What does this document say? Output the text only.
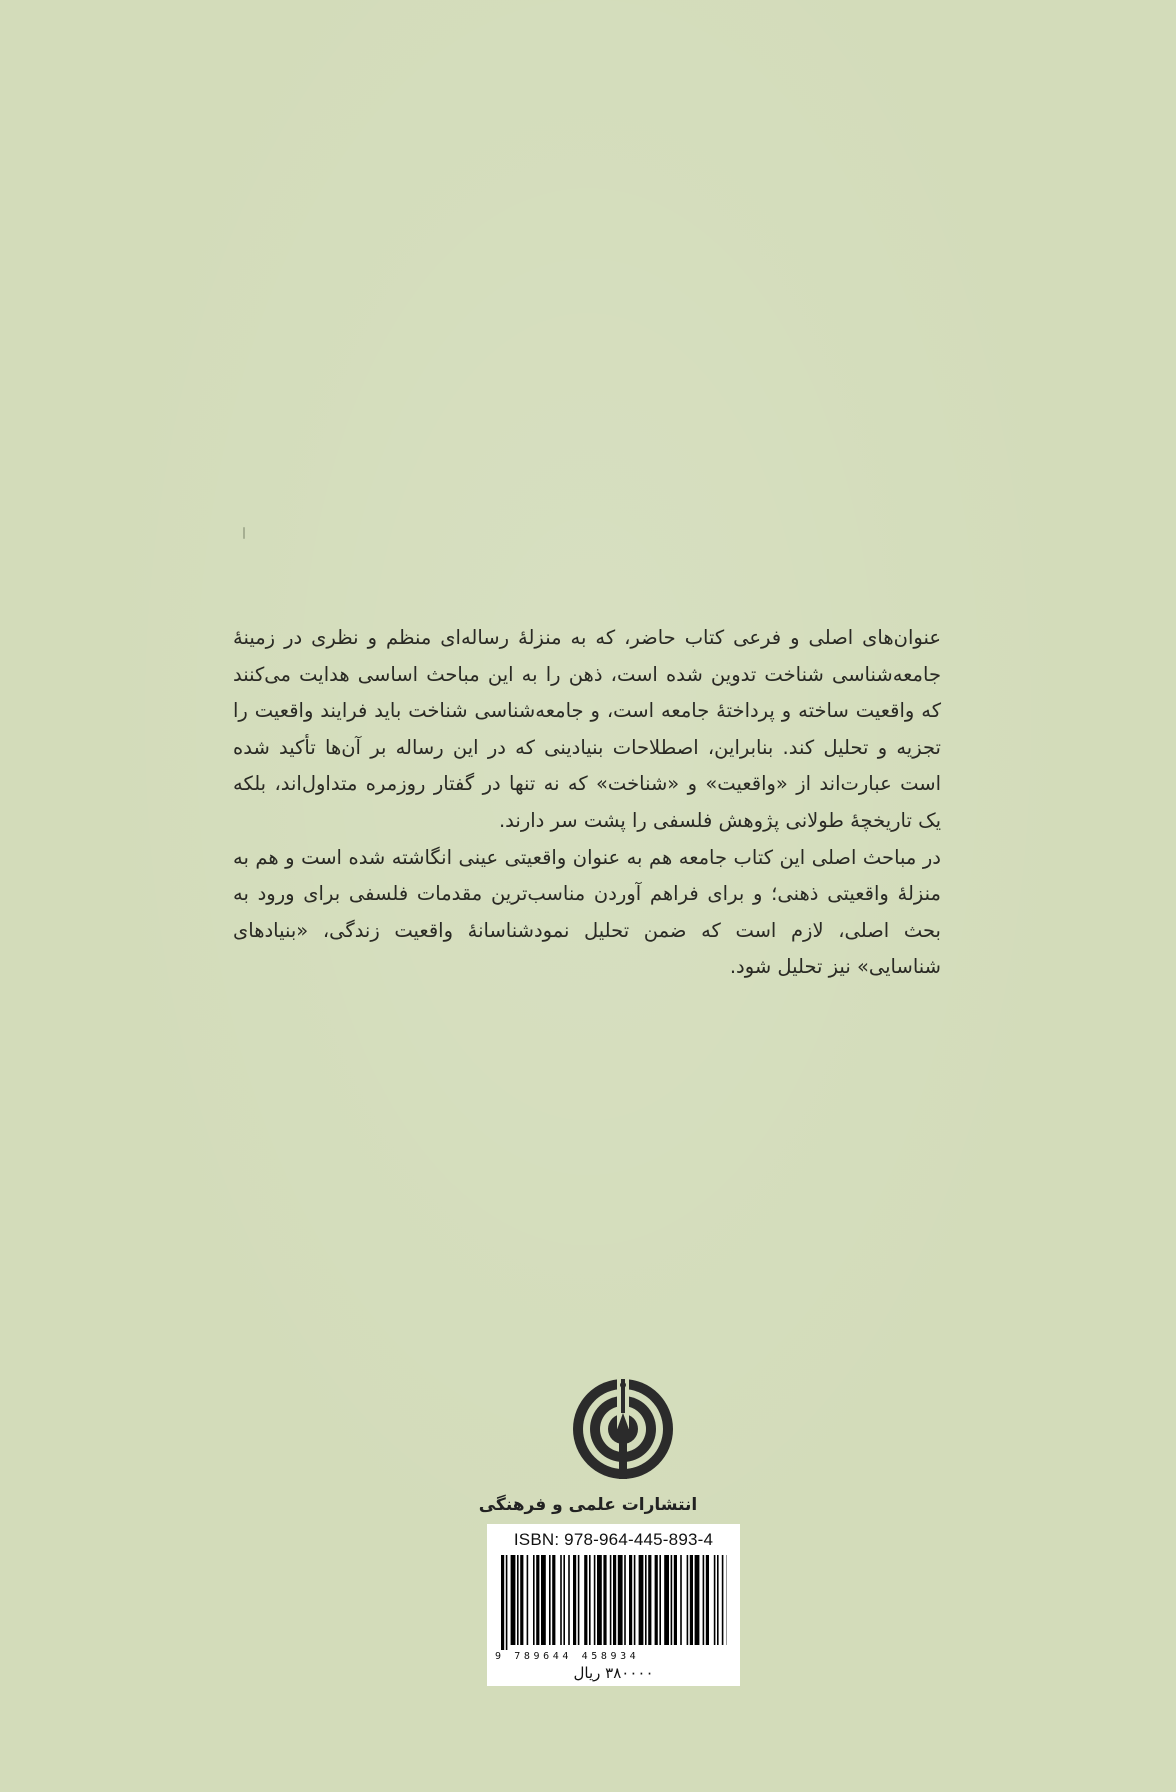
عنوان‌های اصلی و فرعی کتاب حاضر، که به منزلهٔ رساله‌ای منظم و نظری در زمینهٔ جامعه‌شناسی شناخت تدوین شده است، ذهن را به این مباحث اساسی هدایت می‌کنند که واقعیت ساخته و پرداختهٔ جامعه است، و جامعه‌شناسی شناخت باید فرایند واقعیت را تجزیه و تحلیل کند. بنابراین، اصطلاحات بنیادینی که در این رساله بر آن‌ها تأکید شده است عبارت‌اند از «واقعیت» و «شناخت» که نه تنها در گفتار روزمره متداول‌اند، بلکه یک تاریخچهٔ طولانی پژوهش فلسفی را پشت سر دارند.

در مباحث اصلی این کتاب جامعه هم به عنوان واقعیتی عینی انگاشته شده است و هم به منزلهٔ واقعیتی ذهنی؛ و برای فراهم آوردن مناسب‌ترین مقدمات فلسفی برای ورود به بحث اصلی، لازم است که ضمن تحلیل نمودشناسانهٔ واقعیت زندگی، «بنیادهای شناسایی» نیز تحلیل شود.

انتشارات علمی و فرهنگی
ISBN: 978-964-445-893-4
9 789644 458934
۳۸۰۰۰۰ ریال
